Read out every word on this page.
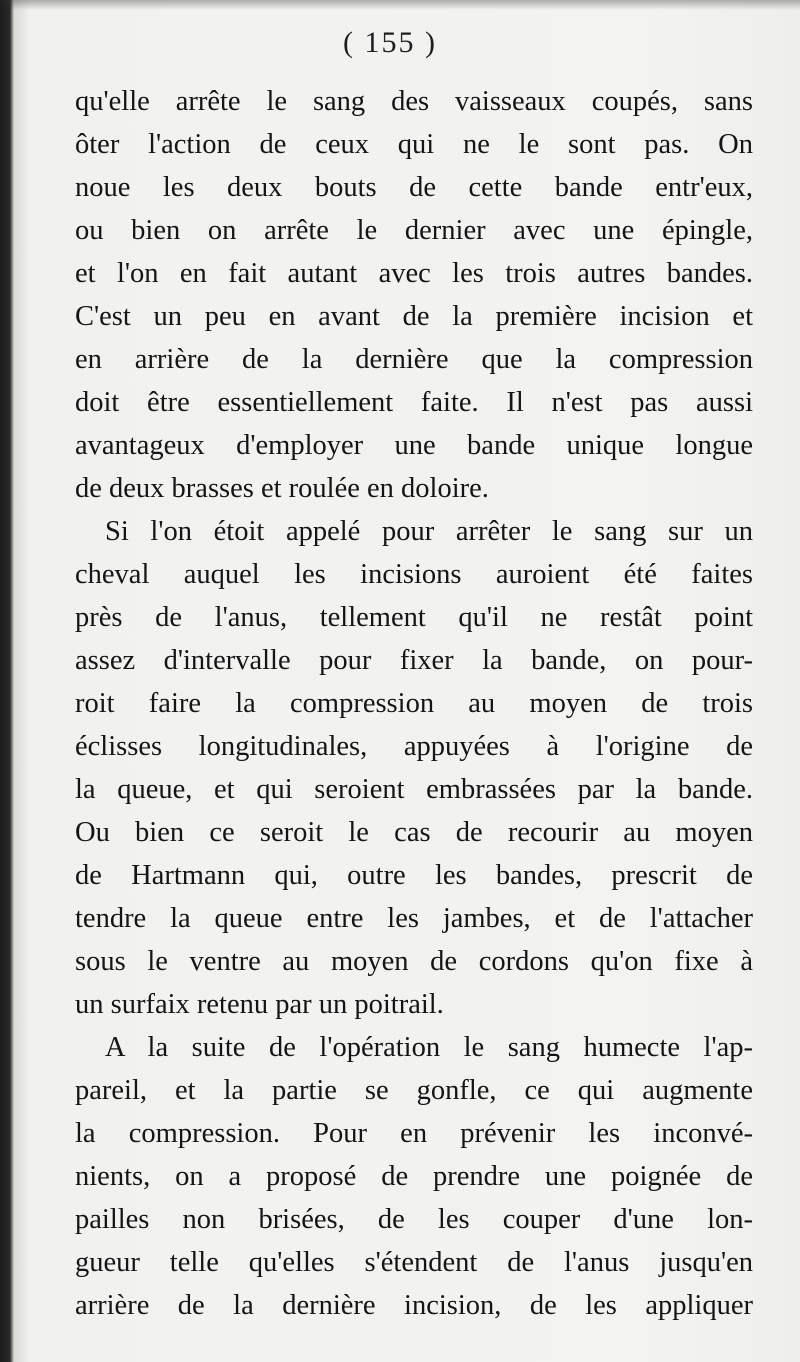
( 155 )
qu'elle arrête le sang des vaisseaux coupés, sans
ôter l'action de ceux qui ne le sont pas. On
noue les deux bouts de cette bande entr'eux,
ou bien on arrête le dernier avec une épingle,
et l'on en fait autant avec les trois autres bandes.
C'est un peu en avant de la première incision et
en arrière de la dernière que la compression
doit être essentiellement faite. Il n'est pas aussi
avantageux d'employer une bande unique longue
de deux brasses et roulée en doloire.
Si l'on étoit appelé pour arrêter le sang sur un
cheval auquel les incisions auroient été faites
près de l'anus, tellement qu'il ne restât point
assez d'intervalle pour fixer la bande, on pour-
roit faire la compression au moyen de trois
éclisses longitudinales, appuyées à l'origine de
la queue, et qui seroient embrassées par la bande.
Ou bien ce seroit le cas de recourir au moyen
de Hartmann qui, outre les bandes, prescrit de
tendre la queue entre les jambes, et de l'attacher
sous le ventre au moyen de cordons qu'on fixe à
un surfaix retenu par un poitrail.
A la suite de l'opération le sang humecte l'ap-
pareil, et la partie se gonfle, ce qui augmente
la compression. Pour en prévenir les inconvé-
nients, on a proposé de prendre une poignée de
pailles non brisées, de les couper d'une lon-
gueur telle qu'elles s'étendent de l'anus jusqu'en
arrière de la dernière incision, de les appliquer
